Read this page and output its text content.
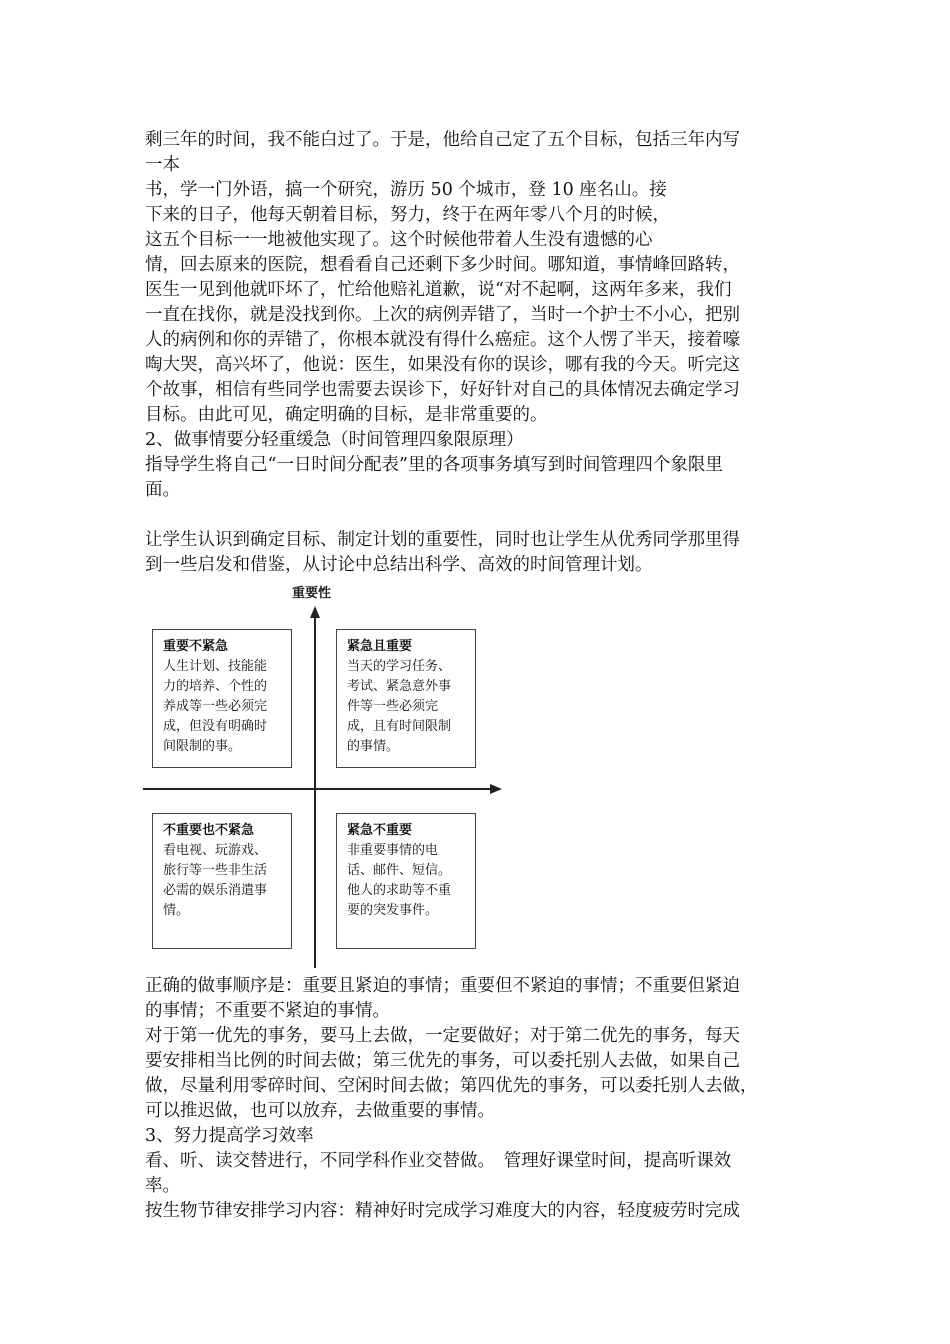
剩三年的时间，我不能白过了。于是，他给自己定了五个目标，包括三年内写
一本
书，学一门外语，搞一个研究，游历 50 个城市，登 10 座名山。接
下来的日子，他每天朝着目标，努力，终于在两年零八个月的时候，
这五个目标一一地被他实现了。这个时候他带着人生没有遗憾的心
情，回去原来的医院，想看看自己还剩下多少时间。哪知道，事情峰回路转，
医生一见到他就吓坏了，忙给他赔礼道歉，说“对不起啊，这两年多来，我们
一直在找你，就是没找到你。上次的病例弄错了，当时一个护士不小心，把别
人的病例和你的弄错了，你根本就没有得什么癌症。这个人愣了半天，接着嚎
啕大哭，高兴坏了，他说：医生，如果没有你的误诊，哪有我的今天。听完这
个故事，相信有些同学也需要去误诊下，好好针对自己的具体情况去确定学习
目标。由此可见，确定明确的目标，是非常重要的。
2、做事情要分轻重缓急（时间管理四象限原理）
指导学生将自己“一日时间分配表”里的各项事务填写到时间管理四个象限里
面。
让学生认识到确定目标、制定计划的重要性，同时也让学生从优秀同学那里得
到一些启发和借鉴，从讨论中总结出科学、高效的时间管理计划。
重要性
重要不紧急
人生计划、技能能
力的培养、个性的
养成等一些必须完
成，但没有明确时
间限制的事。
紧急且重要
当天的学习任务、
考试、紧急意外事
件等一些必须完
成，且有时间限制
的事情。
不重要也不紧急
看电视、玩游戏、
旅行等一些非生活
必需的娱乐消遣事
情。
紧急不重要
非重要事情的电
话、邮件、短信。
他人的求助等不重
要的突发事件。
正确的做事顺序是：重要且紧迫的事情；重要但不紧迫的事情；不重要但紧迫
的事情；不重要不紧迫的事情。
对于第一优先的事务，要马上去做，一定要做好；对于第二优先的事务，每天
要安排相当比例的时间去做；第三优先的事务，可以委托别人去做，如果自己
做，尽量利用零碎时间、空闲时间去做；第四优先的事务，可以委托别人去做，
可以推迟做，也可以放弃，去做重要的事情。
3、努力提高学习效率
看、听、读交替进行，不同学科作业交替做。　管理好课堂时间，提高听课效
率。
按生物节律安排学习内容：精神好时完成学习难度大的内容，轻度疲劳时完成
